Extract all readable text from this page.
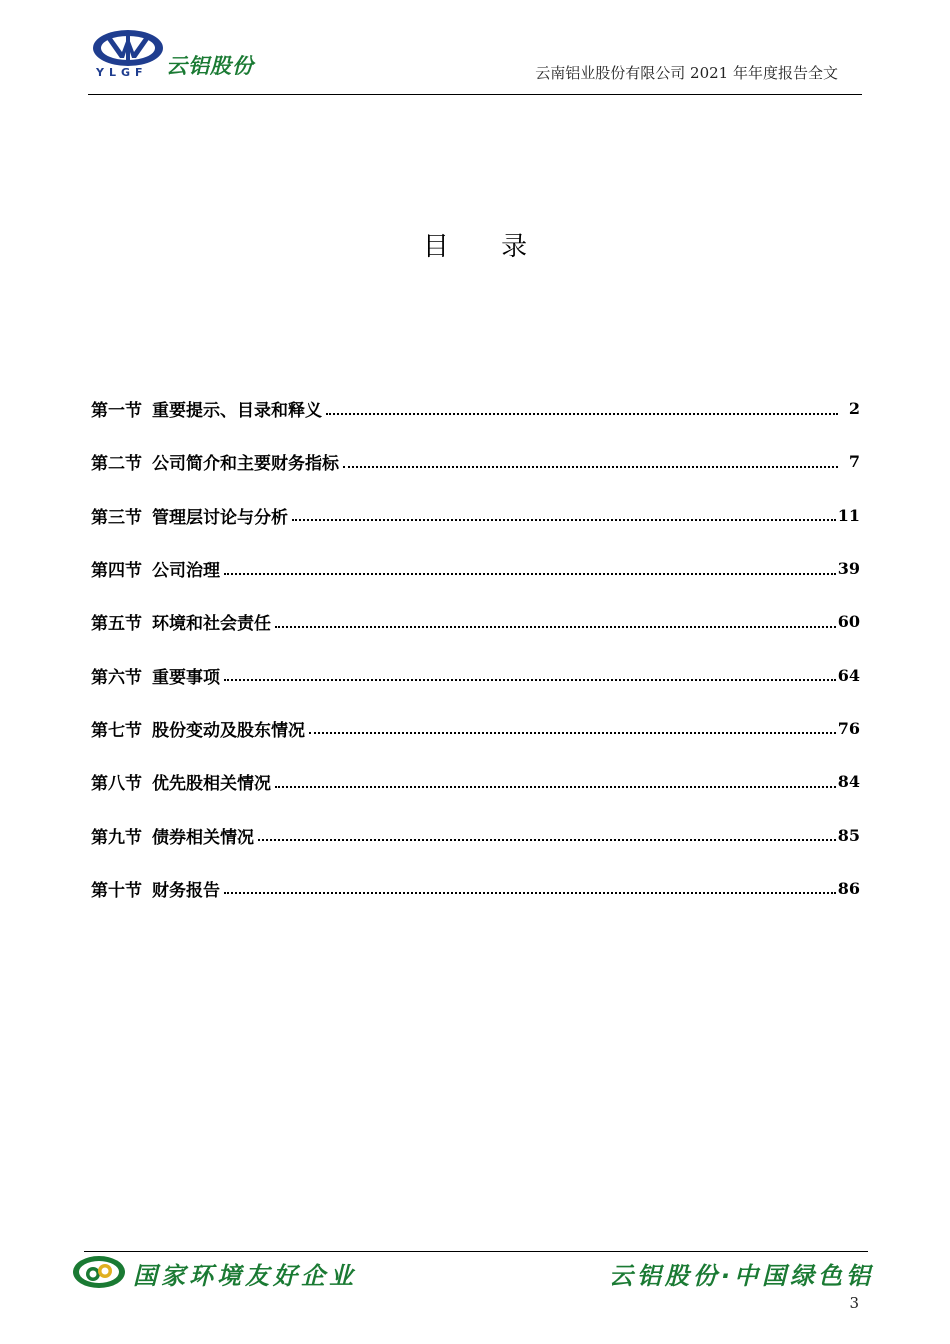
YLGF 云铝股份	云南铝业股份有限公司 2021 年年度报告全文
目 录
第一节 重要提示、目录和释义	2
第二节 公司简介和主要财务指标	7
第三节 管理层讨论与分析	11
第四节 公司治理	39
第五节 环境和社会责任	60
第六节 重要事项	64
第七节 股份变动及股东情况	76
第八节 优先股相关情况	84
第九节 债券相关情况	85
第十节 财务报告	86
国家环境友好企业	云铝股份·中国绿色铝
3
